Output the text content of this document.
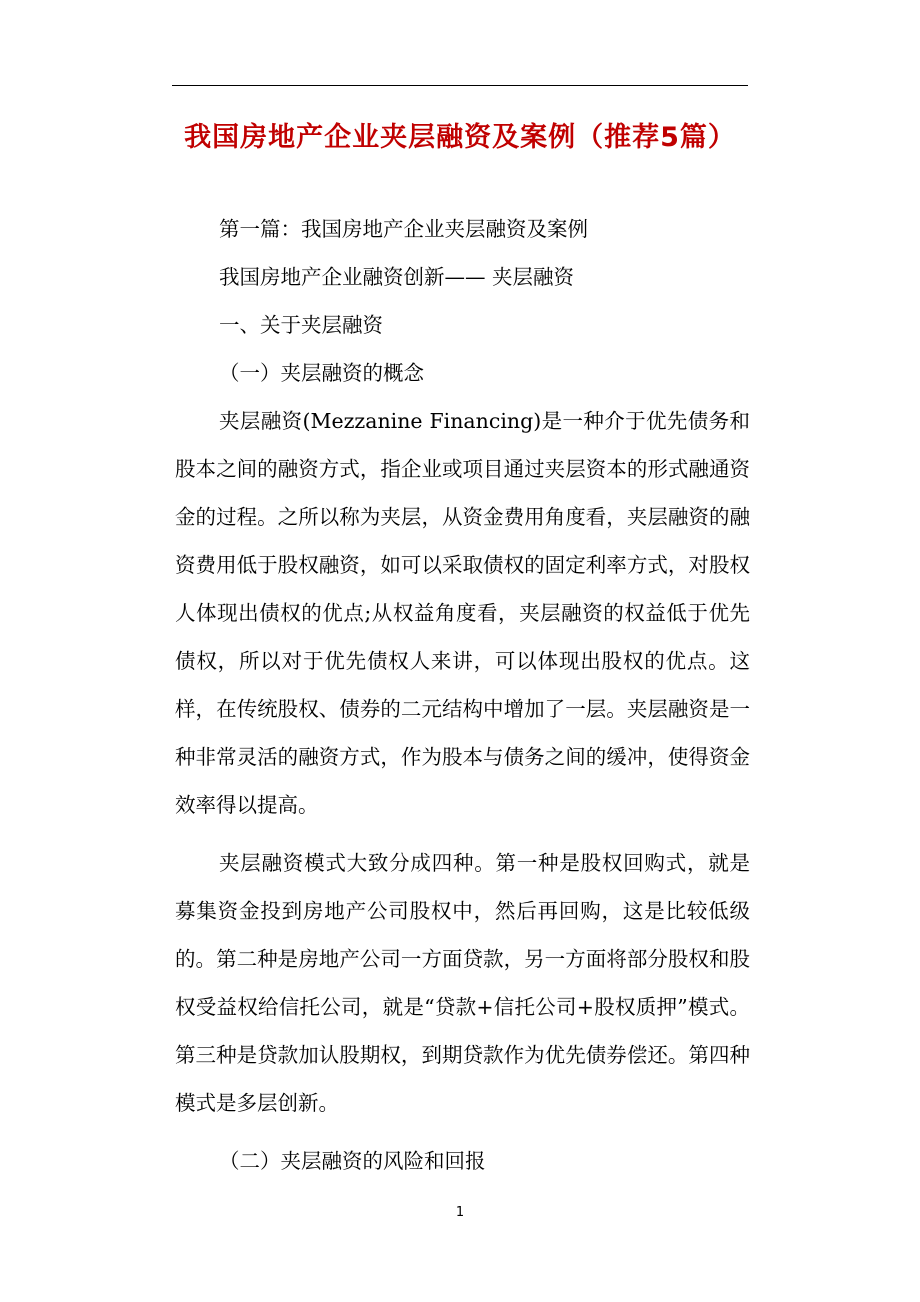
我国房地产企业夹层融资及案例（推荐5篇）

第一篇：我国房地产企业夹层融资及案例

我国房地产企业融资创新—— 夹层融资

一、关于夹层融资

（一）夹层融资的概念

夹层融资(Mezzanine Financing)是一种介于优先债务和股本之间的融资方式，指企业或项目通过夹层资本的形式融通资金的过程。之所以称为夹层，从资金费用角度看，夹层融资的融资费用低于股权融资，如可以采取债权的固定利率方式，对股权人体现出债权的优点;从权益角度看，夹层融资的权益低于优先债权，所以对于优先债权人来讲，可以体现出股权的优点。这样，在传统股权、债券的二元结构中增加了一层。夹层融资是一种非常灵活的融资方式，作为股本与债务之间的缓冲，使得资金效率得以提高。

夹层融资模式大致分成四种。第一种是股权回购式，就是募集资金投到房地产公司股权中，然后再回购，这是比较低级的。第二种是房地产公司一方面贷款，另一方面将部分股权和股权受益权给信托公司，就是“贷款+信托公司+股权质押”模式。第三种是贷款加认股期权，到期贷款作为优先债券偿还。第四种模式是多层创新。

（二）夹层融资的风险和回报

1
